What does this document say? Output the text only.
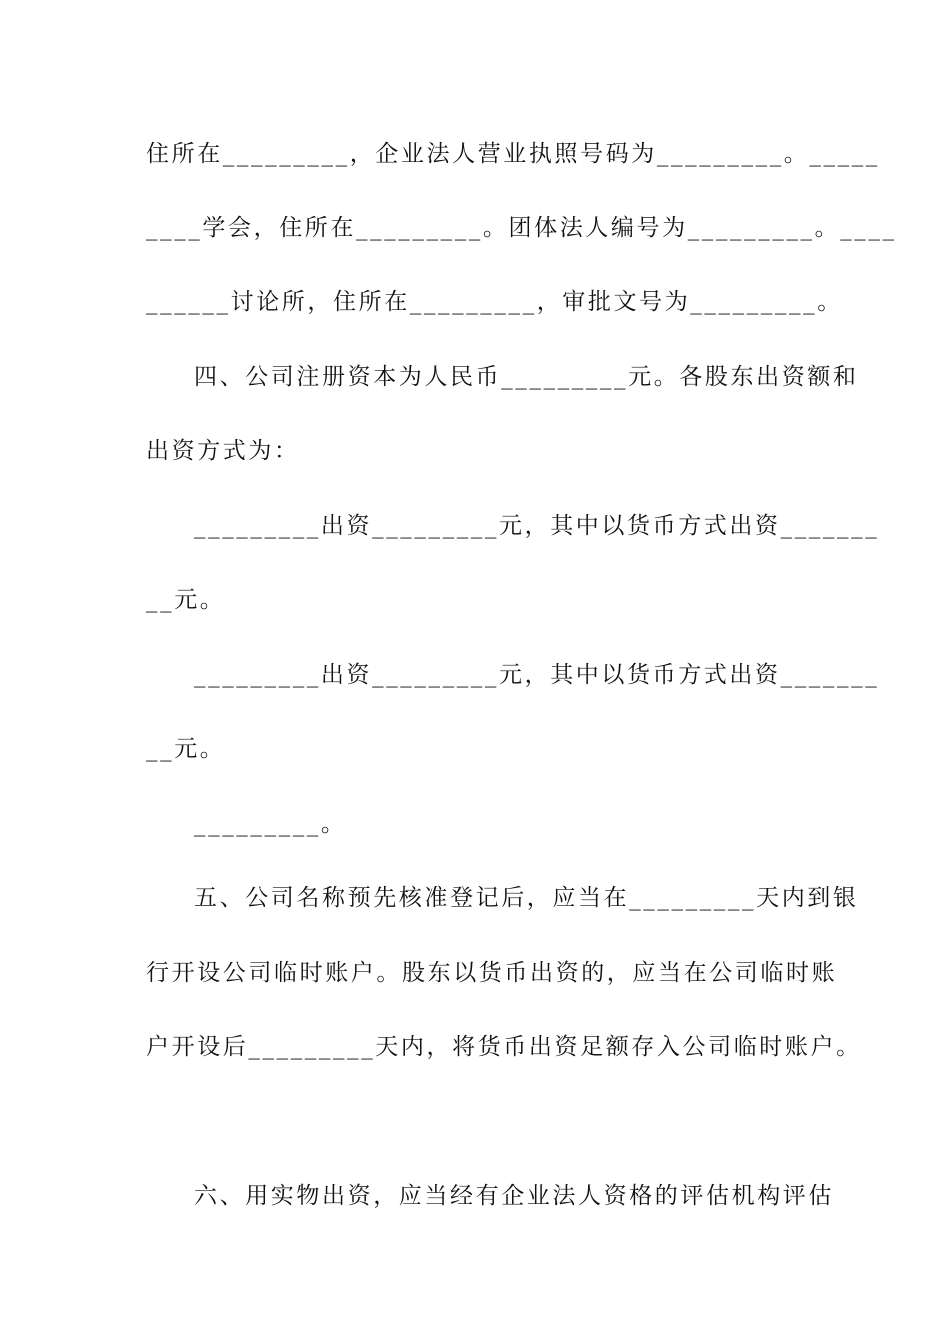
住所在_________，企业法人营业执照号码为_________。_____
____学会，住所在_________。团体法人编号为_________。____
______讨论所，住所在_________，审批文号为_________。
四、公司注册资本为人民币_________元。各股东出资额和
出资方式为：
_________出资_________元，其中以货币方式出资_______
__元。
_________出资_________元，其中以货币方式出资_______
__元。
_________。
五、公司名称预先核准登记后，应当在_________天内到银
行开设公司临时账户。股东以货币出资的，应当在公司临时账
户开设后_________天内，将货币出资足额存入公司临时账户。
六、用实物出资，应当经有企业法人资格的评估机构评估
